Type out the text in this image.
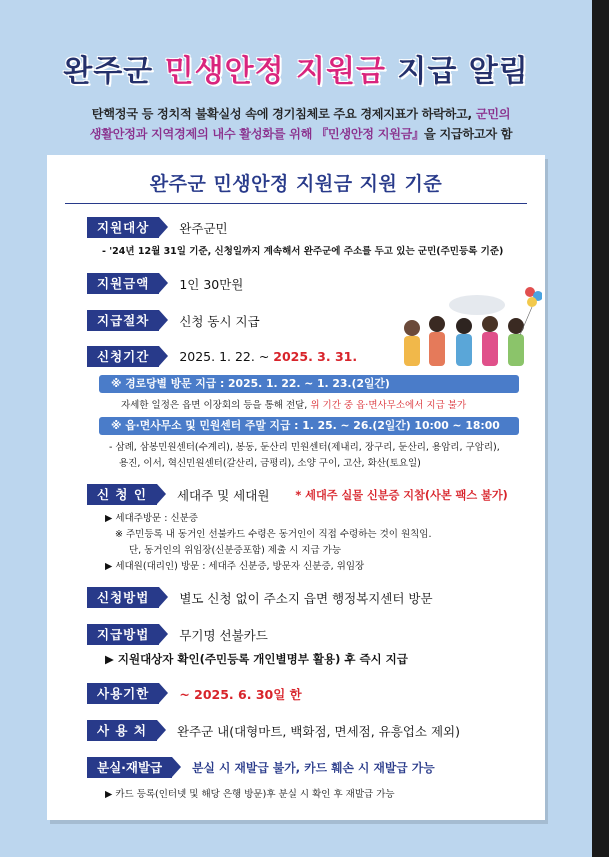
완주군 민생안정 지원금 지급 알림
탄핵정국 등 정치적 불확실성 속에 경기침체로 주요 경제지표가 하락하고, 군민의
생활안정과 지역경제의 내수 활성화를 위해 『민생안정 지원금』을 지급하고자 함
완주군 민생안정 지원금 지원 기준
지원대상	완주군민
- '24년 12월 31일 기준, 신청일까지 계속해서 완주군에 주소를 두고 있는 군민(주민등록 기준)
지원금액	1인 30만원
지급절차	신청 동시 지급
신청기간	2025. 1. 22. ~ 2025. 3. 31.
※ 경로당별 방문 지급 : 2025. 1. 22. ~ 1. 23.(2일간)
자세한 일정은 읍면 이장회의 등을 통해 전달, 위 기간 중 읍·면사무소에서 지급 불가
※ 읍·면사무소 및 민원센터 주말 지급 : 1. 25. ~ 26.(2일간) 10:00 ~ 18:00
- 삼례, 삼봉민원센터(수계리), 봉동, 둔산리 민원센터(제내리, 장구리, 둔산리, 용암리, 구암리),
용진, 이서, 혁신민원센터(갈산리, 금평리), 소양 구이, 고산, 화산(토요일)
신 청 인	세대주 및 세대원 * 세대주 실물 신분증 지참(사본 팩스 불가)
▶ 세대주방문 : 신분증
※ 주민등록 내 동거인 선불카드 수령은 동거인이 직접 수령하는 것이 원칙임.
단, 동거인의 위임장(신분증포함) 제출 시 지급 가능
▶ 세대원(대리인) 방문 : 세대주 신분증, 방문자 신분증, 위임장
신청방법	별도 신청 없이 주소지 읍면 행정복지센터 방문
지급방법	무기명 선불카드
▶ 지원대상자 확인(주민등록 개인별명부 활용) 후 즉시 지급
사용기한	~ 2025. 6. 30일 한
사 용 처	완주군 내(대형마트, 백화점, 면세점, 유흥업소 제외)
분실·재발급	분실 시 재발급 불가, 카드 훼손 시 재발급 가능
▶ 카드 등록(인터넷 및 해당 은행 방문)후 분실 시 확인 후 재발급 가능
